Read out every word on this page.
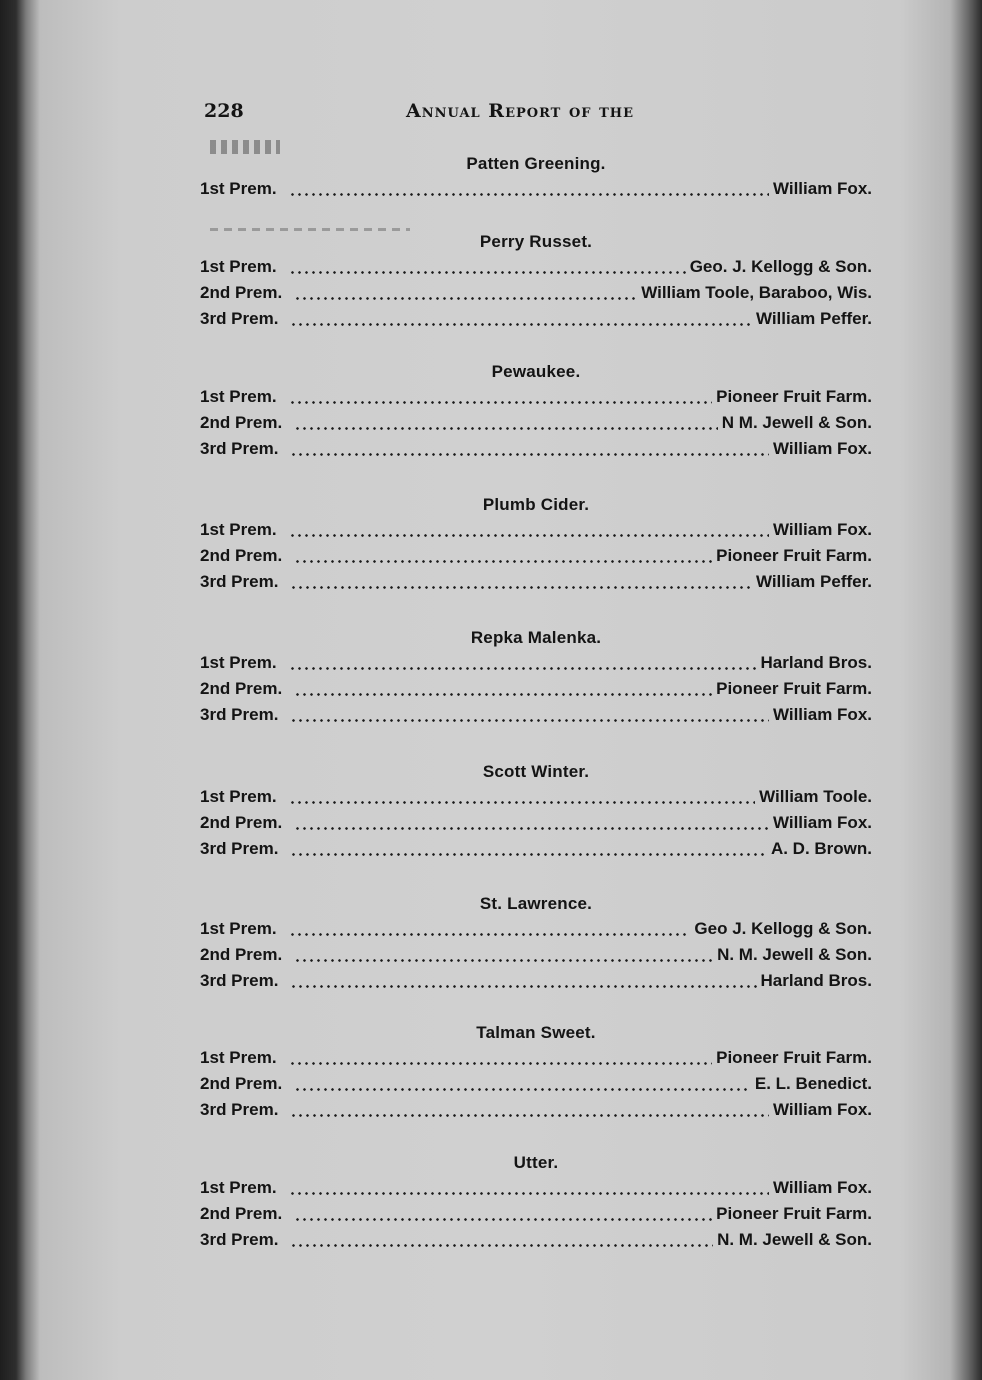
228	Annual Report of the
Patten Greening.
1st Prem.	William Fox.
Perry Russet.
1st Prem.	Geo. J. Kellogg & Son.
2nd Prem.	William Toole, Baraboo, Wis.
3rd Prem.	William Peffer.
Pewaukee.
1st Prem.	Pioneer Fruit Farm.
2nd Prem.	N M. Jewell & Son.
3rd Prem.	William Fox.
Plumb Cider.
1st Prem.	William Fox.
2nd Prem.	Pioneer Fruit Farm.
3rd Prem.	William Peffer.
Repka Malenka.
1st Prem.	Harland Bros.
2nd Prem.	Pioneer Fruit Farm.
3rd Prem.	William Fox.
Scott Winter.
1st Prem.	William Toole.
2nd Prem.	William Fox.
3rd Prem.	A. D. Brown.
St. Lawrence.
1st Prem.	Geo J. Kellogg & Son.
2nd Prem.	N. M. Jewell & Son.
3rd Prem.	Harland Bros.
Talman Sweet.
1st Prem.	Pioneer Fruit Farm.
2nd Prem.	E. L. Benedict.
3rd Prem.	William Fox.
Utter.
1st Prem.	William Fox.
2nd Prem.	Pioneer Fruit Farm.
3rd Prem.	N. M. Jewell & Son.
